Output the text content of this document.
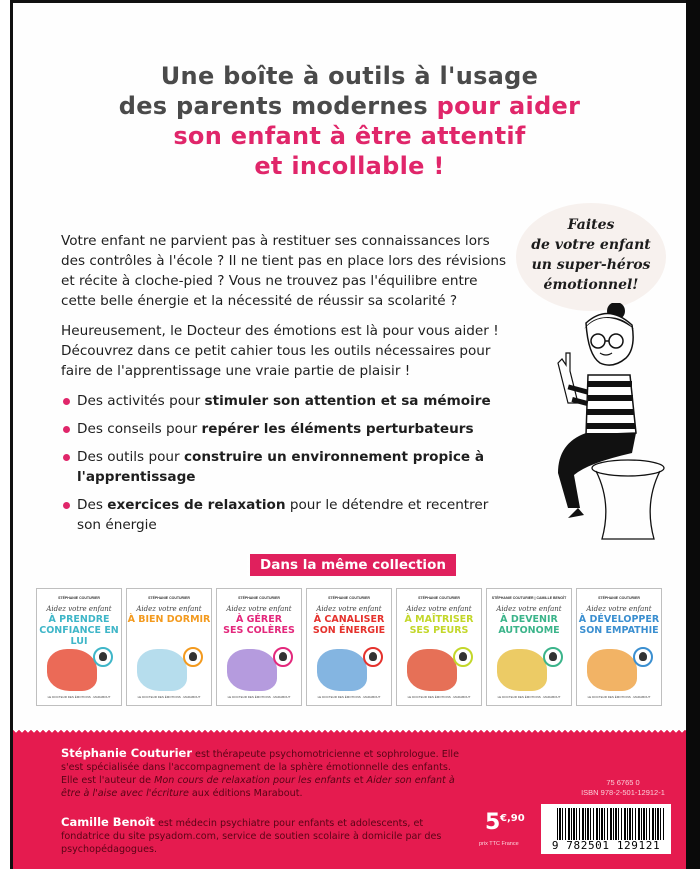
Une boîte à outils à l'usage
des parents modernes pour aider
son enfant à être attentif
et incollable !

Votre enfant ne parvient pas à restituer ses connaissances lors des contrôles à l'école ? Il ne tient pas en place lors des révisions et récite à cloche-pied ? Vous ne trouvez pas l'équilibre entre cette belle énergie et la nécessité de réussir sa scolarité ?

Heureusement, le Docteur des émotions est là pour vous aider ! Découvrez dans ce petit cahier tous les outils nécessaires pour faire de l'apprentissage une vraie partie de plaisir !

Des activités pour stimuler son attention et sa mémoire
Des conseils pour repérer les éléments perturbateurs
Des outils pour construire un environnement propice à l'apprentissage
Des exercices de relaxation pour le détendre et recentrer son énergie
Faites
de votre enfant
un super-héros
émotionnel!
Dans la même collection
STÉPHANIE COUTURIER
Aidez votre enfant
À PRENDRE
CONFIANCE EN LUI
LE DOCTEUR DES ÉMOTIONS · MARABOUT
STÉPHANIE COUTURIER
Aidez votre enfant
À BIEN DORMIR
LE DOCTEUR DES ÉMOTIONS · MARABOUT
STÉPHANIE COUTURIER
Aidez votre enfant
À GÉRER
SES COLÈRES
LE DOCTEUR DES ÉMOTIONS · MARABOUT
STÉPHANIE COUTURIER
Aidez votre enfant
À CANALISER
SON ÉNERGIE
LE DOCTEUR DES ÉMOTIONS · MARABOUT
STÉPHANIE COUTURIER
Aidez votre enfant
À MAÎTRISER
SES PEURS
LE DOCTEUR DES ÉMOTIONS · MARABOUT
STÉPHANIE COUTURIER | CAMILLE BENOÎT
Aidez votre enfant
À DEVENIR
AUTONOME
LE DOCTEUR DES ÉMOTIONS · MARABOUT
STÉPHANIE COUTURIER
Aidez votre enfant
À DÉVELOPPER
SON EMPATHIE
LE DOCTEUR DES ÉMOTIONS · MARABOUT
Stéphanie Couturier est thérapeute psychomotricienne et sophrologue. Elle s'est spécialisée dans l'accompagnement de la sphère émotionnelle des enfants. Elle est l'auteur de Mon cours de relaxation pour les enfants et Aider son enfant à être à l'aise avec l'écriture aux éditions Marabout.
Camille Benoît est médecin psychiatre pour enfants et adolescents, et fondatrice du site psyadom.com, service de soutien scolaire à domicile par des psychopédagogues.
5 €,90
prix TTC France
75 6765 0
ISBN 978-2-501-12912-1
9 782501 129121
